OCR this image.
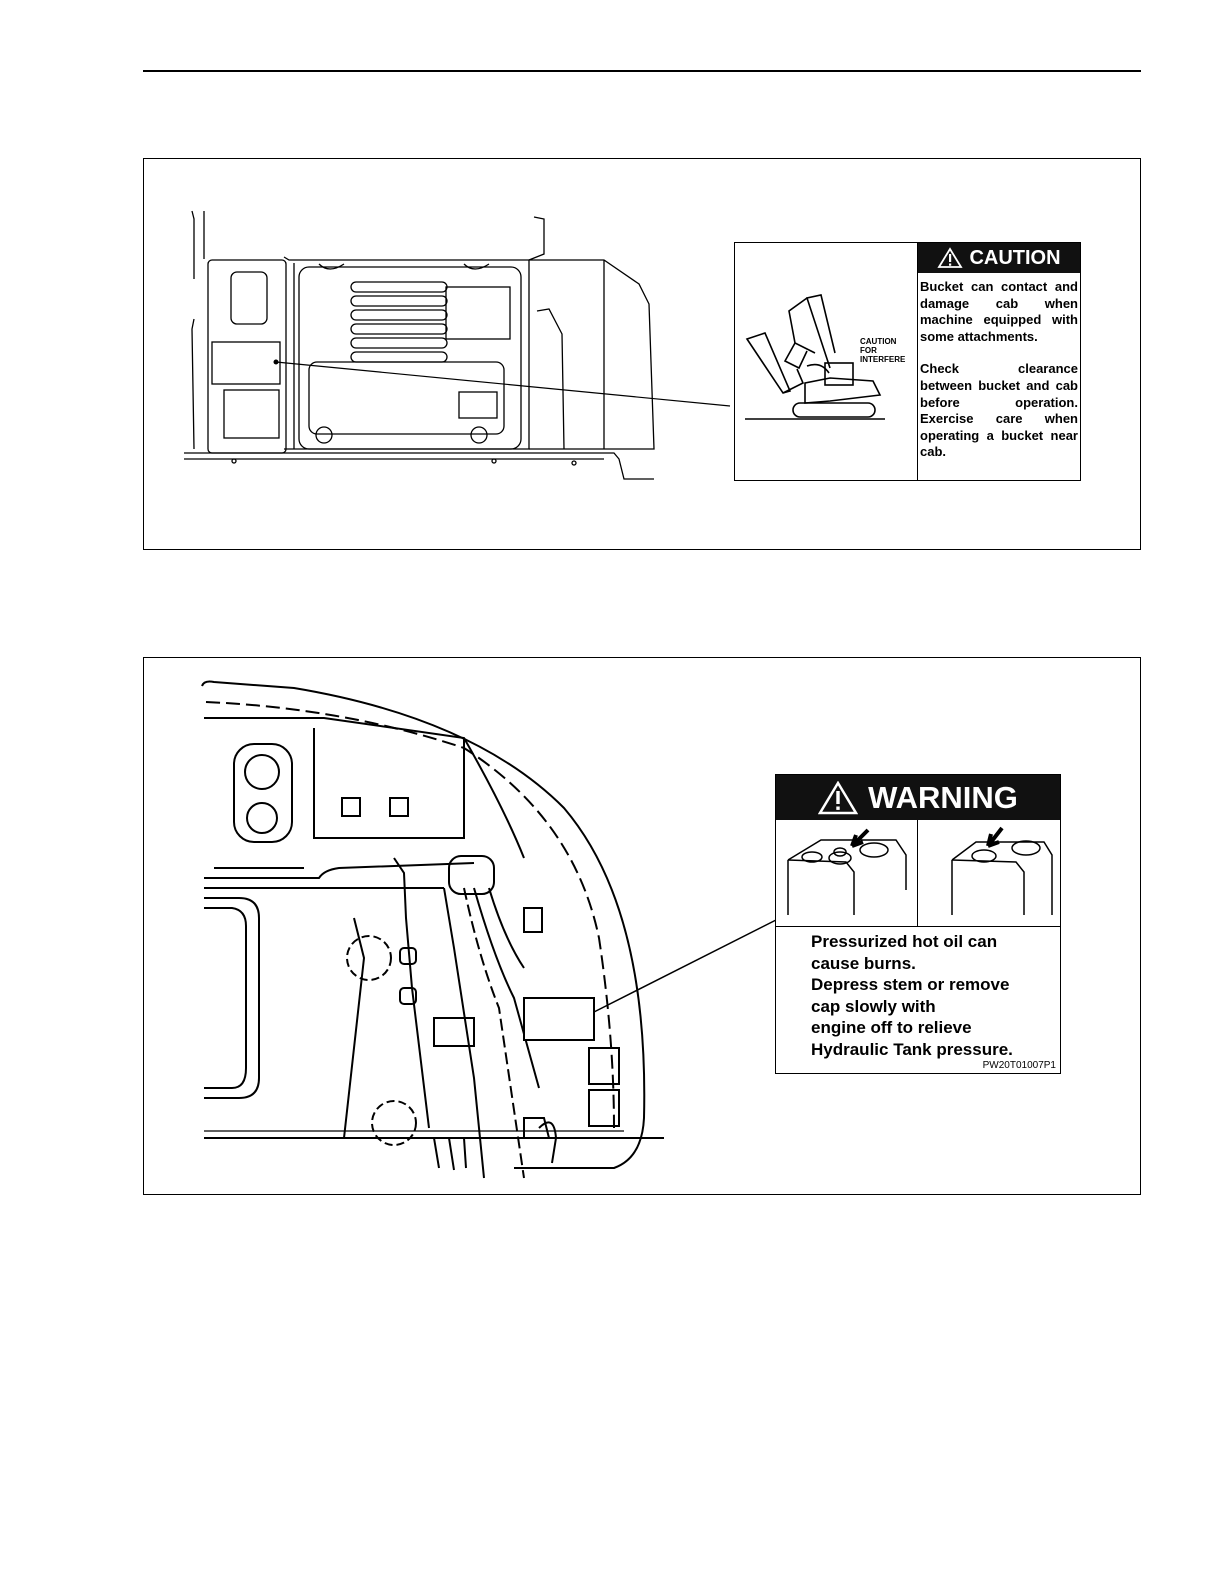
CAUTION
FOR
INTERFERE
CAUTION

Bucket can contact and damage cab when machine equipped with some attachments.

Check clearance between bucket and cab before operation. Exercise care when operating a bucket near cab.

WARNING
Pressurized hot oil can
cause burns.
Depress stem or remove
cap slowly with
engine off to relieve
Hydraulic Tank pressure.
PW20T01007P1
